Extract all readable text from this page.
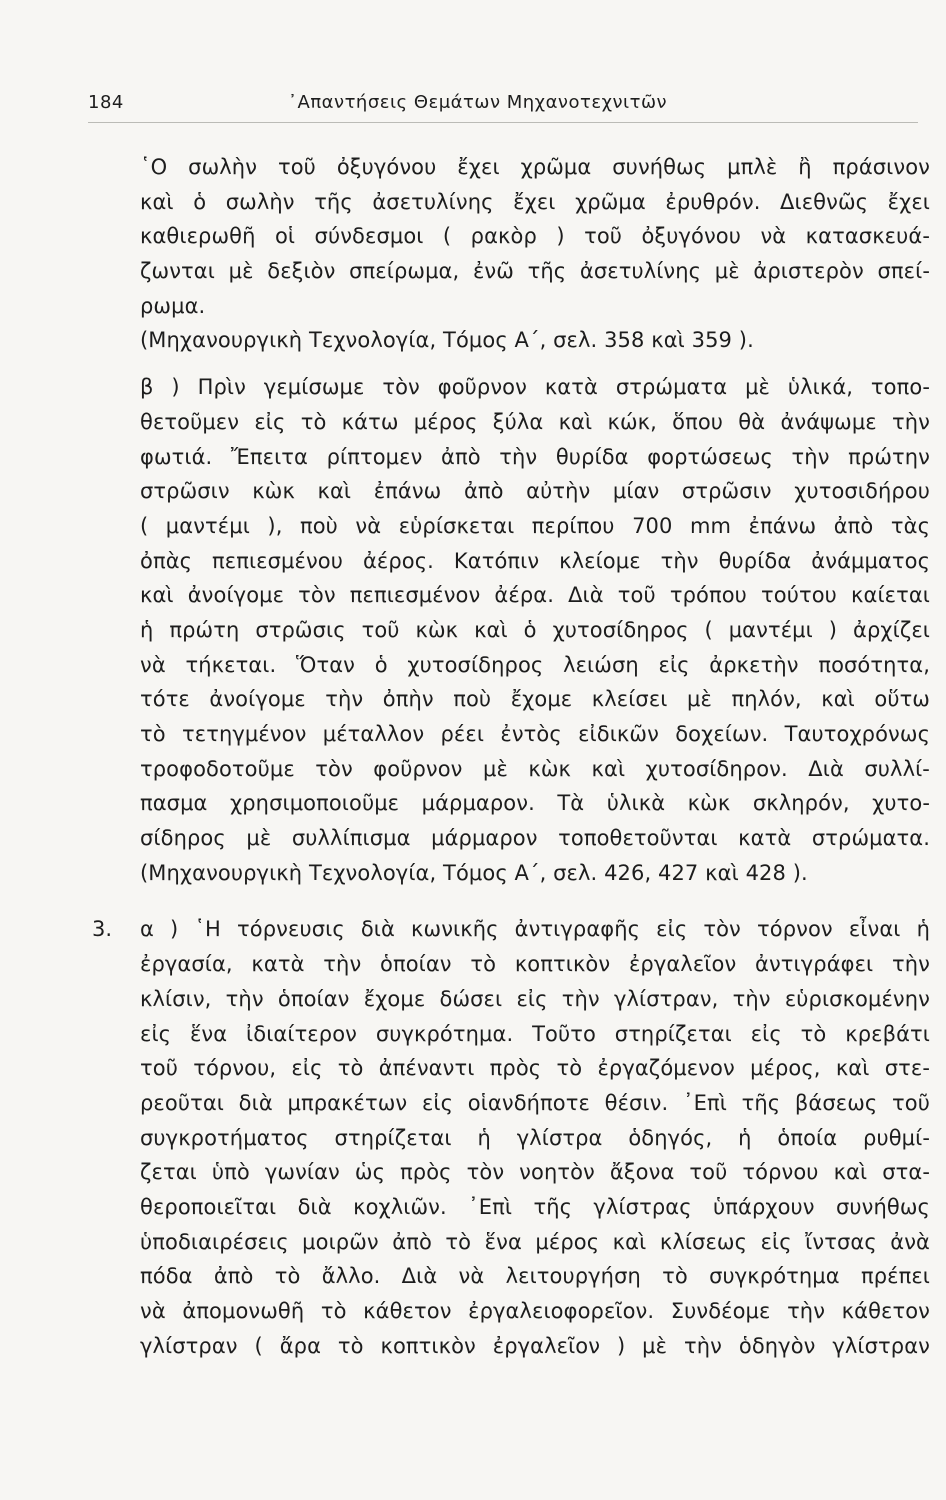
184	᾿Απαντήσεις Θεμάτων Μηχανοτεχνιτῶν
῾Ο σωλὴν τοῦ ὀξυγόνου ἔχει χρῶμα συνήθως μπλὲ ἢ πράσινον
καὶ ὁ σωλὴν τῆς ἀσετυλίνης ἔχει χρῶμα ἐρυθρόν. Διεθνῶς ἔχει
καθιερωθῆ οἱ σύνδεσμοι ( ρακὸρ ) τοῦ ὀξυγόνου νὰ κατασκευά-
ζωνται μὲ δεξιὸν σπείρωμα, ἐνῶ τῆς ἀσετυλίνης μὲ ἀριστερὸν σπεί-
ρωμα.
(Μηχανουργικὴ Τεχνολογία, Τόμος Α΄, σελ. 358 καὶ 359 ).
β ) Πρὶν γεμίσωμε τὸν φοῦρνον κατὰ στρώματα μὲ ὑλικά, τοπο-
θετοῦμεν εἰς τὸ κάτω μέρος ξύλα καὶ κώκ, ὅπου θὰ ἀνάψωμε τὴν
φωτιά. Ἔπειτα ρίπτομεν ἀπὸ τὴν θυρίδα φορτώσεως τὴν πρώτην
στρῶσιν κὼκ καὶ ἐπάνω ἀπὸ αὐτὴν μίαν στρῶσιν χυτοσιδήρου
( μαντέμι ), ποὺ νὰ εὑρίσκεται περίπου 700 mm ἐπάνω ἀπὸ τὰς
ὀπὰς πεπιεσμένου ἀέρος. Κατόπιν κλείομε τὴν θυρίδα ἀνάμματος
καὶ ἀνοίγομε τὸν πεπιεσμένον ἀέρα. Διὰ τοῦ τρόπου τούτου καίεται
ἡ πρώτη στρῶσις τοῦ κὼκ καὶ ὁ χυτοσίδηρος ( μαντέμι ) ἀρχίζει
νὰ τήκεται. Ὅταν ὁ χυτοσίδηρος λειώση εἰς ἀρκετὴν ποσότητα,
τότε ἀνοίγομε τὴν ὀπὴν ποὺ ἔχομε κλείσει μὲ πηλόν, καὶ οὕτω
τὸ τετηγμένον μέταλλον ρέει ἐντὸς εἰδικῶν δοχείων. Ταυτοχρόνως
τροφοδοτοῦμε τὸν φοῦρνον μὲ κὼκ καὶ χυτοσίδηρον. Διὰ συλλί-
πασμα χρησιμοποιοῦμε μάρμαρον. Τὰ ὑλικὰ κὼκ σκληρόν, χυτο-
σίδηρος μὲ συλλίπισμα μάρμαρον τοποθετοῦνται κατὰ στρώματα.
(Μηχανουργικὴ Τεχνολογία, Τόμος Α΄, σελ. 426, 427 καὶ 428 ).
3. α ) ῾Η τόρνευσις διὰ κωνικῆς ἀντιγραφῆς εἰς τὸν τόρνον εἶναι ἡ
ἐργασία, κατὰ τὴν ὁποίαν τὸ κοπτικὸν ἐργαλεῖον ἀντιγράφει τὴν
κλίσιν, τὴν ὁποίαν ἔχομε δώσει εἰς τὴν γλίστραν, τὴν εὑρισκομένην
εἰς ἕνα ἰδιαίτερον συγκρότημα. Τοῦτο στηρίζεται εἰς τὸ κρεβάτι
τοῦ τόρνου, εἰς τὸ ἀπέναντι πρὸς τὸ ἐργαζόμενον μέρος, καὶ στε-
ρεοῦται διὰ μπρακέτων εἰς οἱανδήποτε θέσιν. ᾿Επὶ τῆς βάσεως τοῦ
συγκροτήματος στηρίζεται ἡ γλίστρα ὁδηγός, ἡ ὁποία ρυθμί-
ζεται ὑπὸ γωνίαν ὡς πρὸς τὸν νοητὸν ἄξονα τοῦ τόρνου καὶ στα-
θεροποιεῖται διὰ κοχλιῶν. ᾿Επὶ τῆς γλίστρας ὑπάρχουν συνήθως
ὑποδιαιρέσεις μοιρῶν ἀπὸ τὸ ἕνα μέρος καὶ κλίσεως εἰς ἴντσας ἀνὰ
πόδα ἀπὸ τὸ ἄλλο. Διὰ νὰ λειτουργήση τὸ συγκρότημα πρέπει
νὰ ἀπομονωθῆ τὸ κάθετον ἐργαλειοφορεῖον. Συνδέομε τὴν κάθετον
γλίστραν ( ἄρα τὸ κοπτικὸν ἐργαλεῖον ) μὲ τὴν ὁδηγὸν γλίστραν
